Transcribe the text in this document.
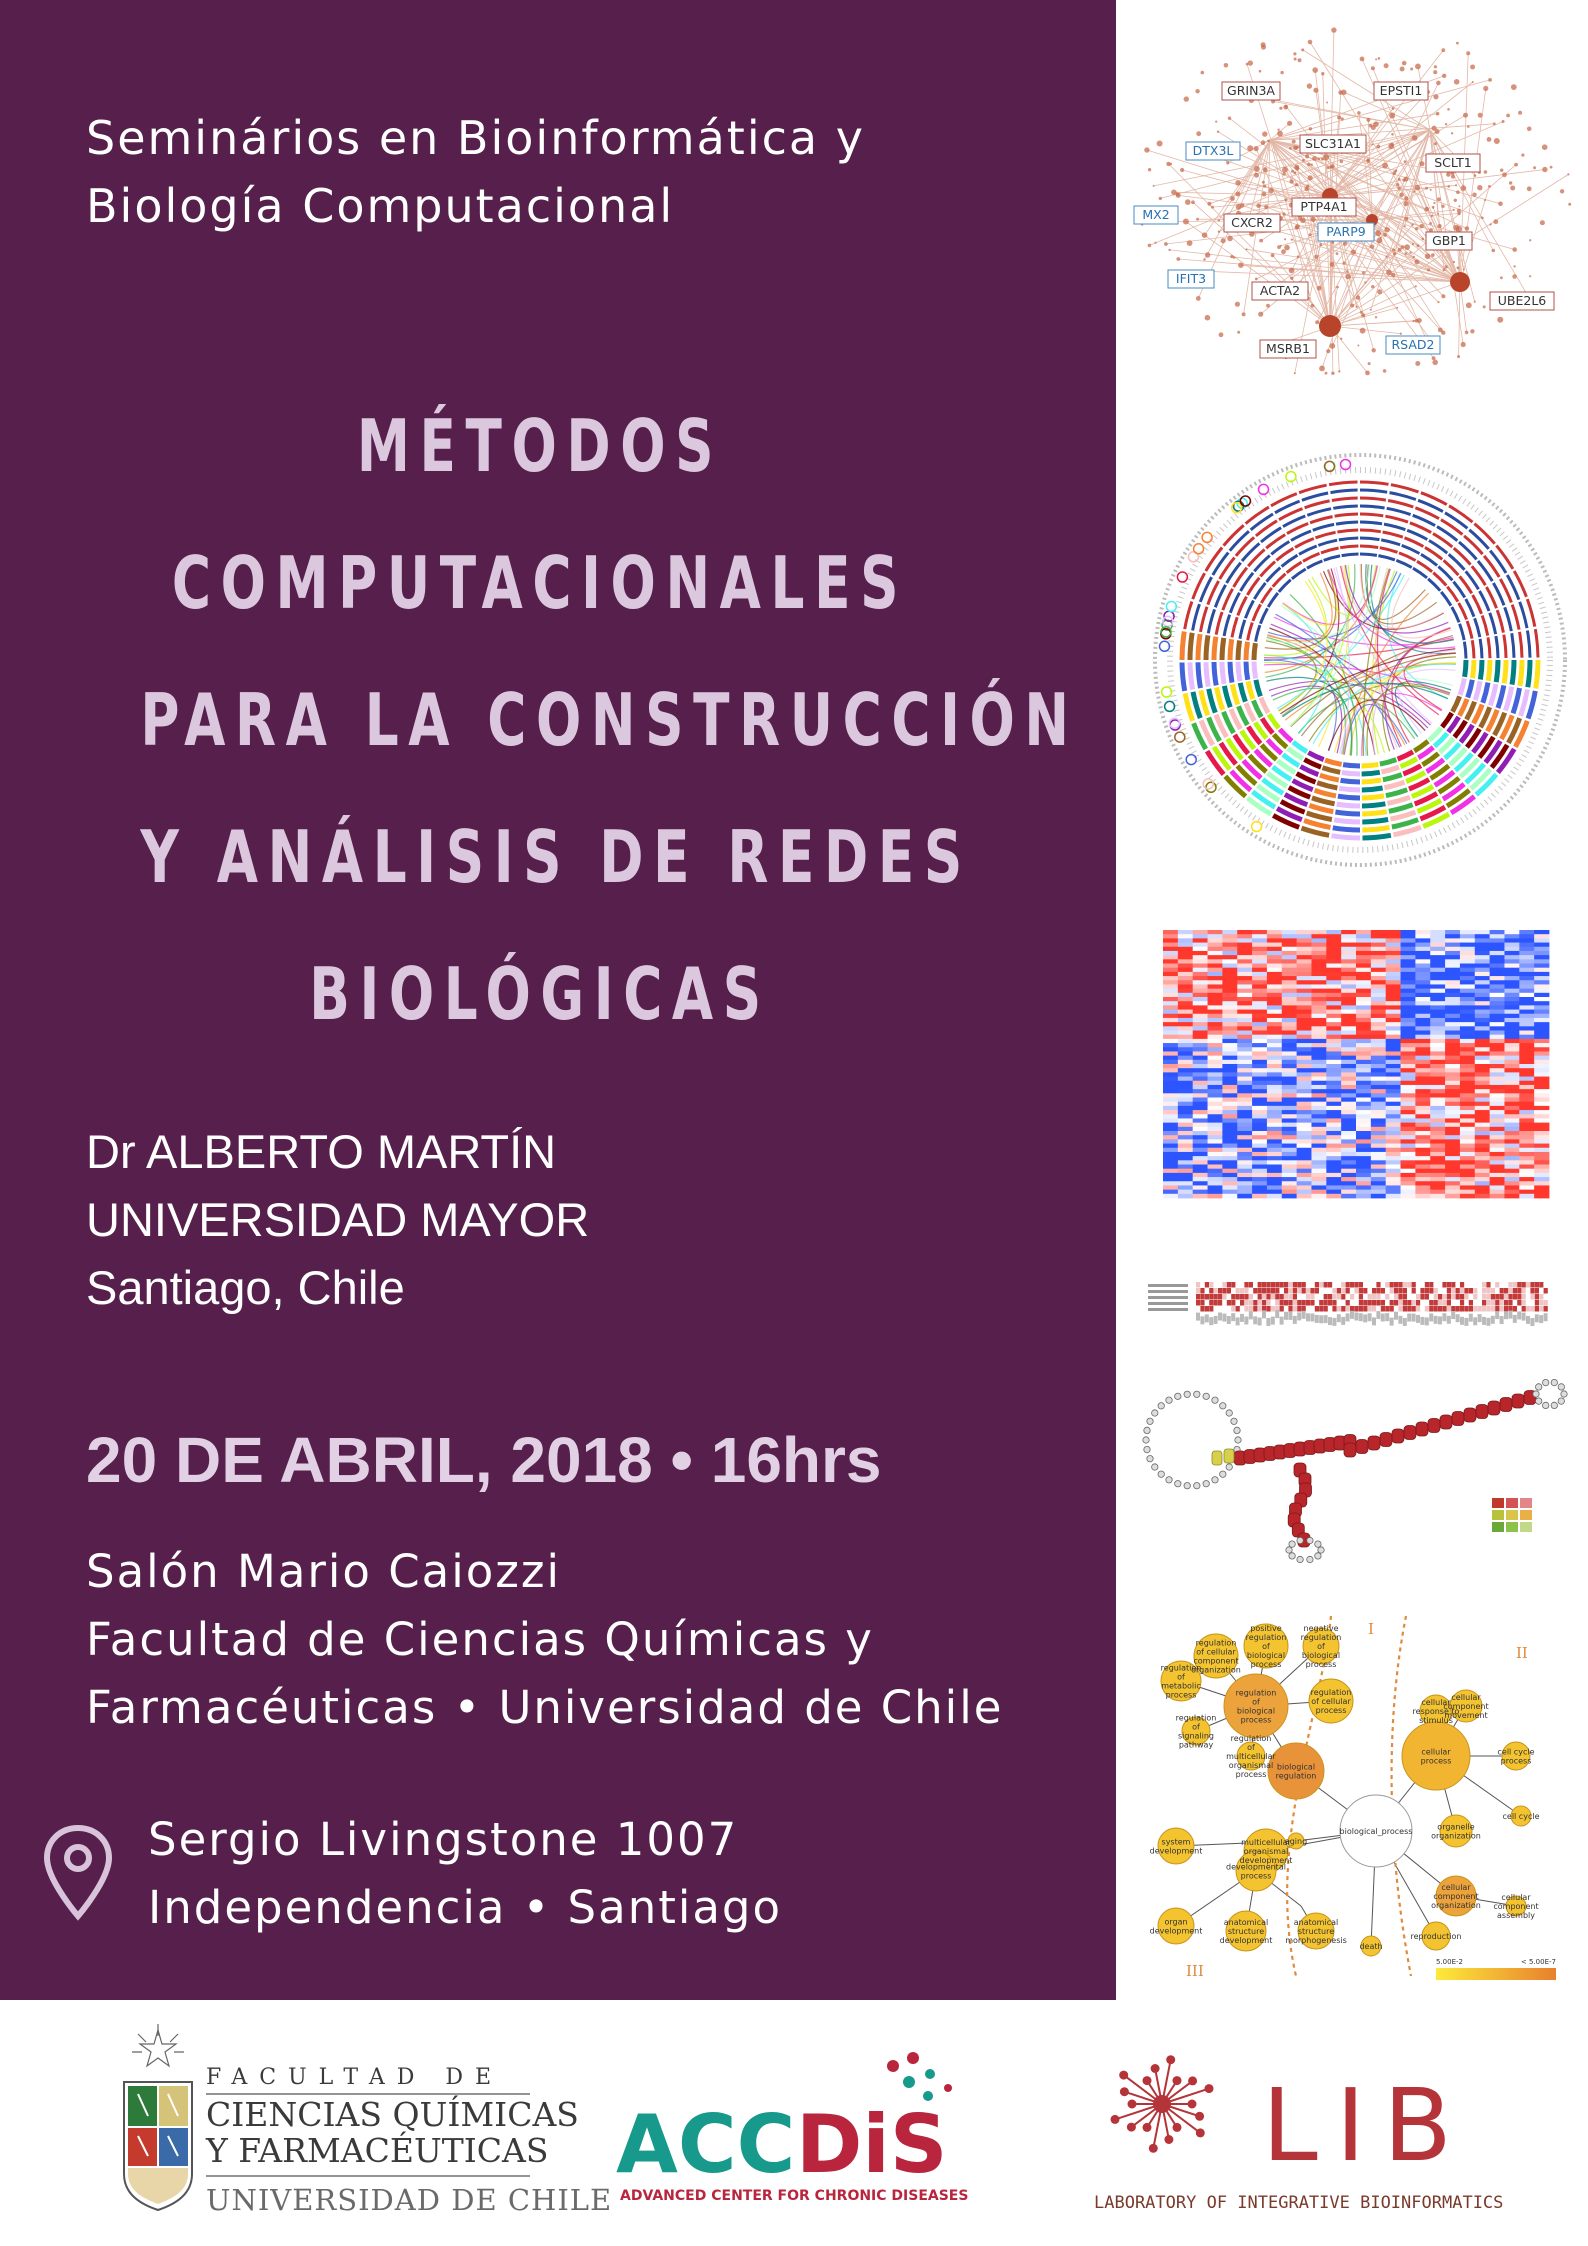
Seminários en Bioinformática y
Biología Computacional
MÉTODOS
COMPUTACIONALES
PARA LA CONSTRUCCIÓN
Y ANÁLISIS DE REDES
BIOLÓGICAS
Dr ALBERTO MARTÍN
UNIVERSIDAD MAYOR
Santiago, Chile
20 DE ABRIL, 2018 • 16hrs
Salón Mario Caiozzi
Facultad de Ciencias Químicas y
Farmacéuticas • Universidad de Chile
Sergio Livingstone 1007
Independencia • Santiago
GRIN3A	EPSTI1
SLC31A1
DTX3L
SCLT1
PTP4A1
MX2
CXCR2
PARP9
GBP1
IFIT3
ACTA2
UBE2L6
MSRB1	RSAD2
regulation
of cellular
component
organization
positive
regulation
of
biological
process
negative
regulation
of
biological
process
regulation
of
metabolic
process	regulation
of
biological
process
regulation
of cellular
process
cellular
response to
stimulus
cellular
component
movement
regulation
of
signaling
pathway
regulation
of
multicellular
organismal
process
biological
regulation
cellular
process
cell cycle
process
system
development
multicellular
organismal
development
aging
biological_process	organelle
organization
cell cycle
organ
development
developmental
process
cellular
component
organization
cellular
component
assembly
anatomical
structure
development
anatomical
structure
morphogenesis
death
reproduction
I
II
III	5.00E-2	< 5.00E-7
FACULTAD DE
CIENCIAS QUÍMICAS
Y FARMACÉUTICAS
UNIVERSIDAD DE CHILE
ACC DiS
ADVANCED CENTER FOR CHRONIC DISEASES
LIB
LABORATORY OF INTEGRATIVE BIOINFORMATICS
